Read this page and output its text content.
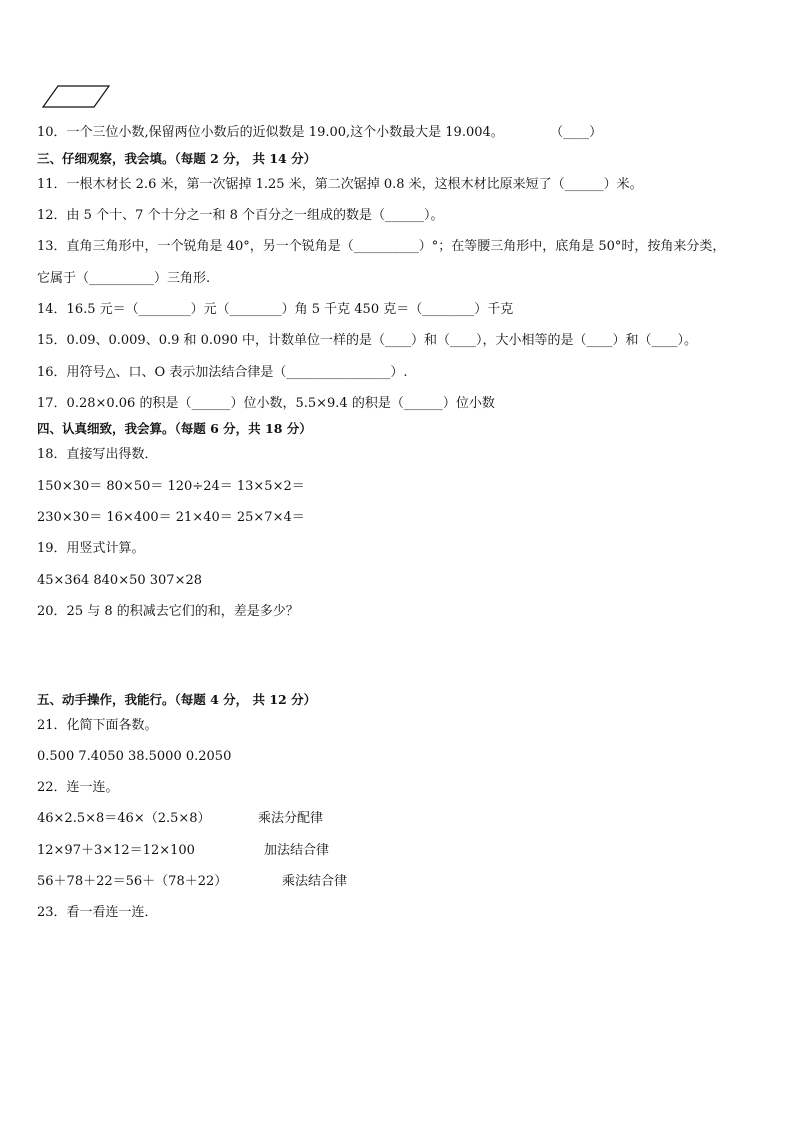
10．一个三位小数,保留两位小数后的近似数是 19.00,这个小数最大是 19.004。	（____）
三、仔细观察，我会填。（每题 2 分， 共 14 分）
11．一根木材长 2.6 米，第一次锯掉 1.25 米，第二次锯掉 0.8 米，这根木材比原来短了（______）米。
12．由 5 个十、7 个十分之一和 8 个百分之一组成的数是（______）。
13．直角三角形中，一个锐角是 40°，另一个锐角是（__________）°；在等腰三角形中，底角是 50°时，按角来分类，
它属于（__________）三角形.
14．16.5 元＝（________）元（________）角 5 千克 450 克＝（________）千克
15．0.09、0.009、0.9 和 0.090 中，计数单位一样的是（____）和（____），大小相等的是（____）和（____）。
16．用符号△、口、O 表示加法结合律是（________________）.
17．0.28×0.06 的积是（______）位小数，5.5×9.4 的积是（______）位小数
四、认真细致，我会算。（每题 6 分，共 18 分）
18．直接写出得数．
150×30＝ 80×50＝ 120÷24＝ 13×5×2＝
230×30＝ 16×400＝ 21×40＝ 25×7×4＝
19．用竖式计算。
45×364 840×50 307×28
20．25 与 8 的积减去它们的和，差是多少？
五、动手操作，我能行。（每题 4 分， 共 12 分）
21．化简下面各数。
0.500 7.4050 38.5000 0.2050
22．连一连。
46×2.5×8＝46×（2.5×8）	乘法分配律
12×97＋3×12＝12×100	加法结合律
56＋78＋22＝56＋（78＋22）	乘法结合律
23．看一看连一连．
